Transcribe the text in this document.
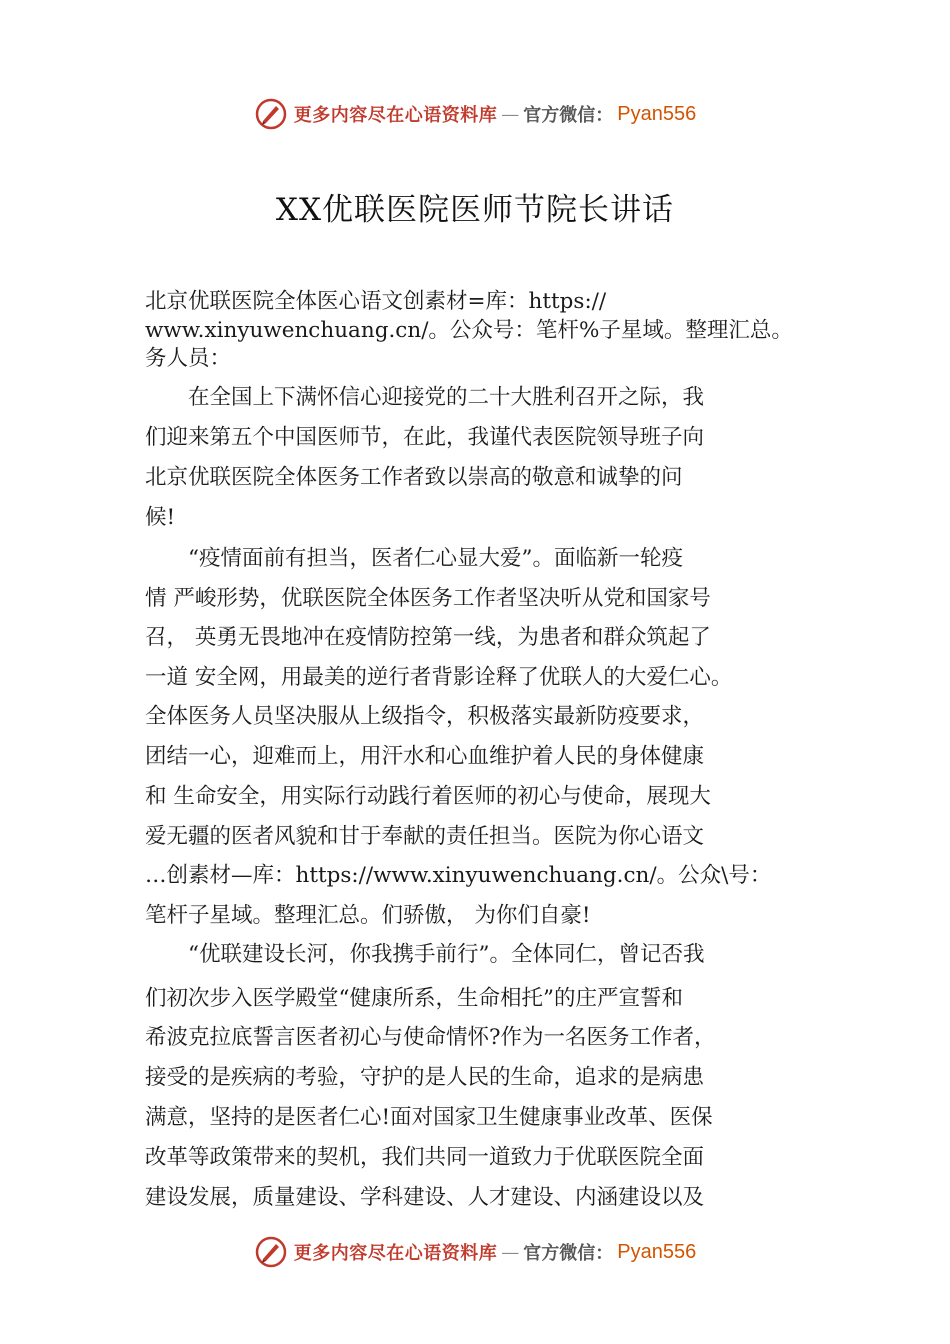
更多内容尽在心语资料库 — 官方微信： Pyan556
XX优联医院医师节院长讲话
北京优联医院全体医心语文创素材=库：https://
www.xinyuwenchuang.cn/。公众号：笔杆%子星域。整理汇总。
务人员：
　　在全国上下满怀信心迎接党的二十大胜利召开之际，我
们迎来第五个中国医师节，在此，我谨代表医院领导班子向
北京优联医院全体医务工作者致以崇高的敬意和诚挚的问
候!
　　“疫情面前有担当，医者仁心显大爱”。面临新一轮疫
情 严峻形势，优联医院全体医务工作者坚决听从党和国家号
召， 英勇无畏地冲在疫情防控第一线，为患者和群众筑起了
一道 安全网，用最美的逆行者背影诠释了优联人的大爱仁心。
全体医务人员坚决服从上级指令，积极落实最新防疫要求，
团结一心，迎难而上，用汗水和心血维护着人民的身体健康
和 生命安全，用实际行动践行着医师的初心与使命，展现大
爱无疆的医者风貌和甘于奉献的责任担当。医院为你心语文
…创素材—库：https://www.xinyuwenchuang.cn/。公众\号：
笔杆子星域。整理汇总。们骄傲， 为你们自豪!
　　“优联建设长河，你我携手前行”。全体同仁，曾记否我
们初次步入医学殿堂“健康所系，生命相托”的庄严宣誓和
希波克拉底誓言医者初心与使命情怀?作为一名医务工作者，
接受的是疾病的考验，守护的是人民的生命，追求的是病患
满意，坚持的是医者仁心!面对国家卫生健康事业改革、医保
改革等政策带来的契机，我们共同一道致力于优联医院全面
建设发展，质量建设、学科建设、人才建设、内涵建设以及
更多内容尽在心语资料库 — 官方微信： Pyan556
